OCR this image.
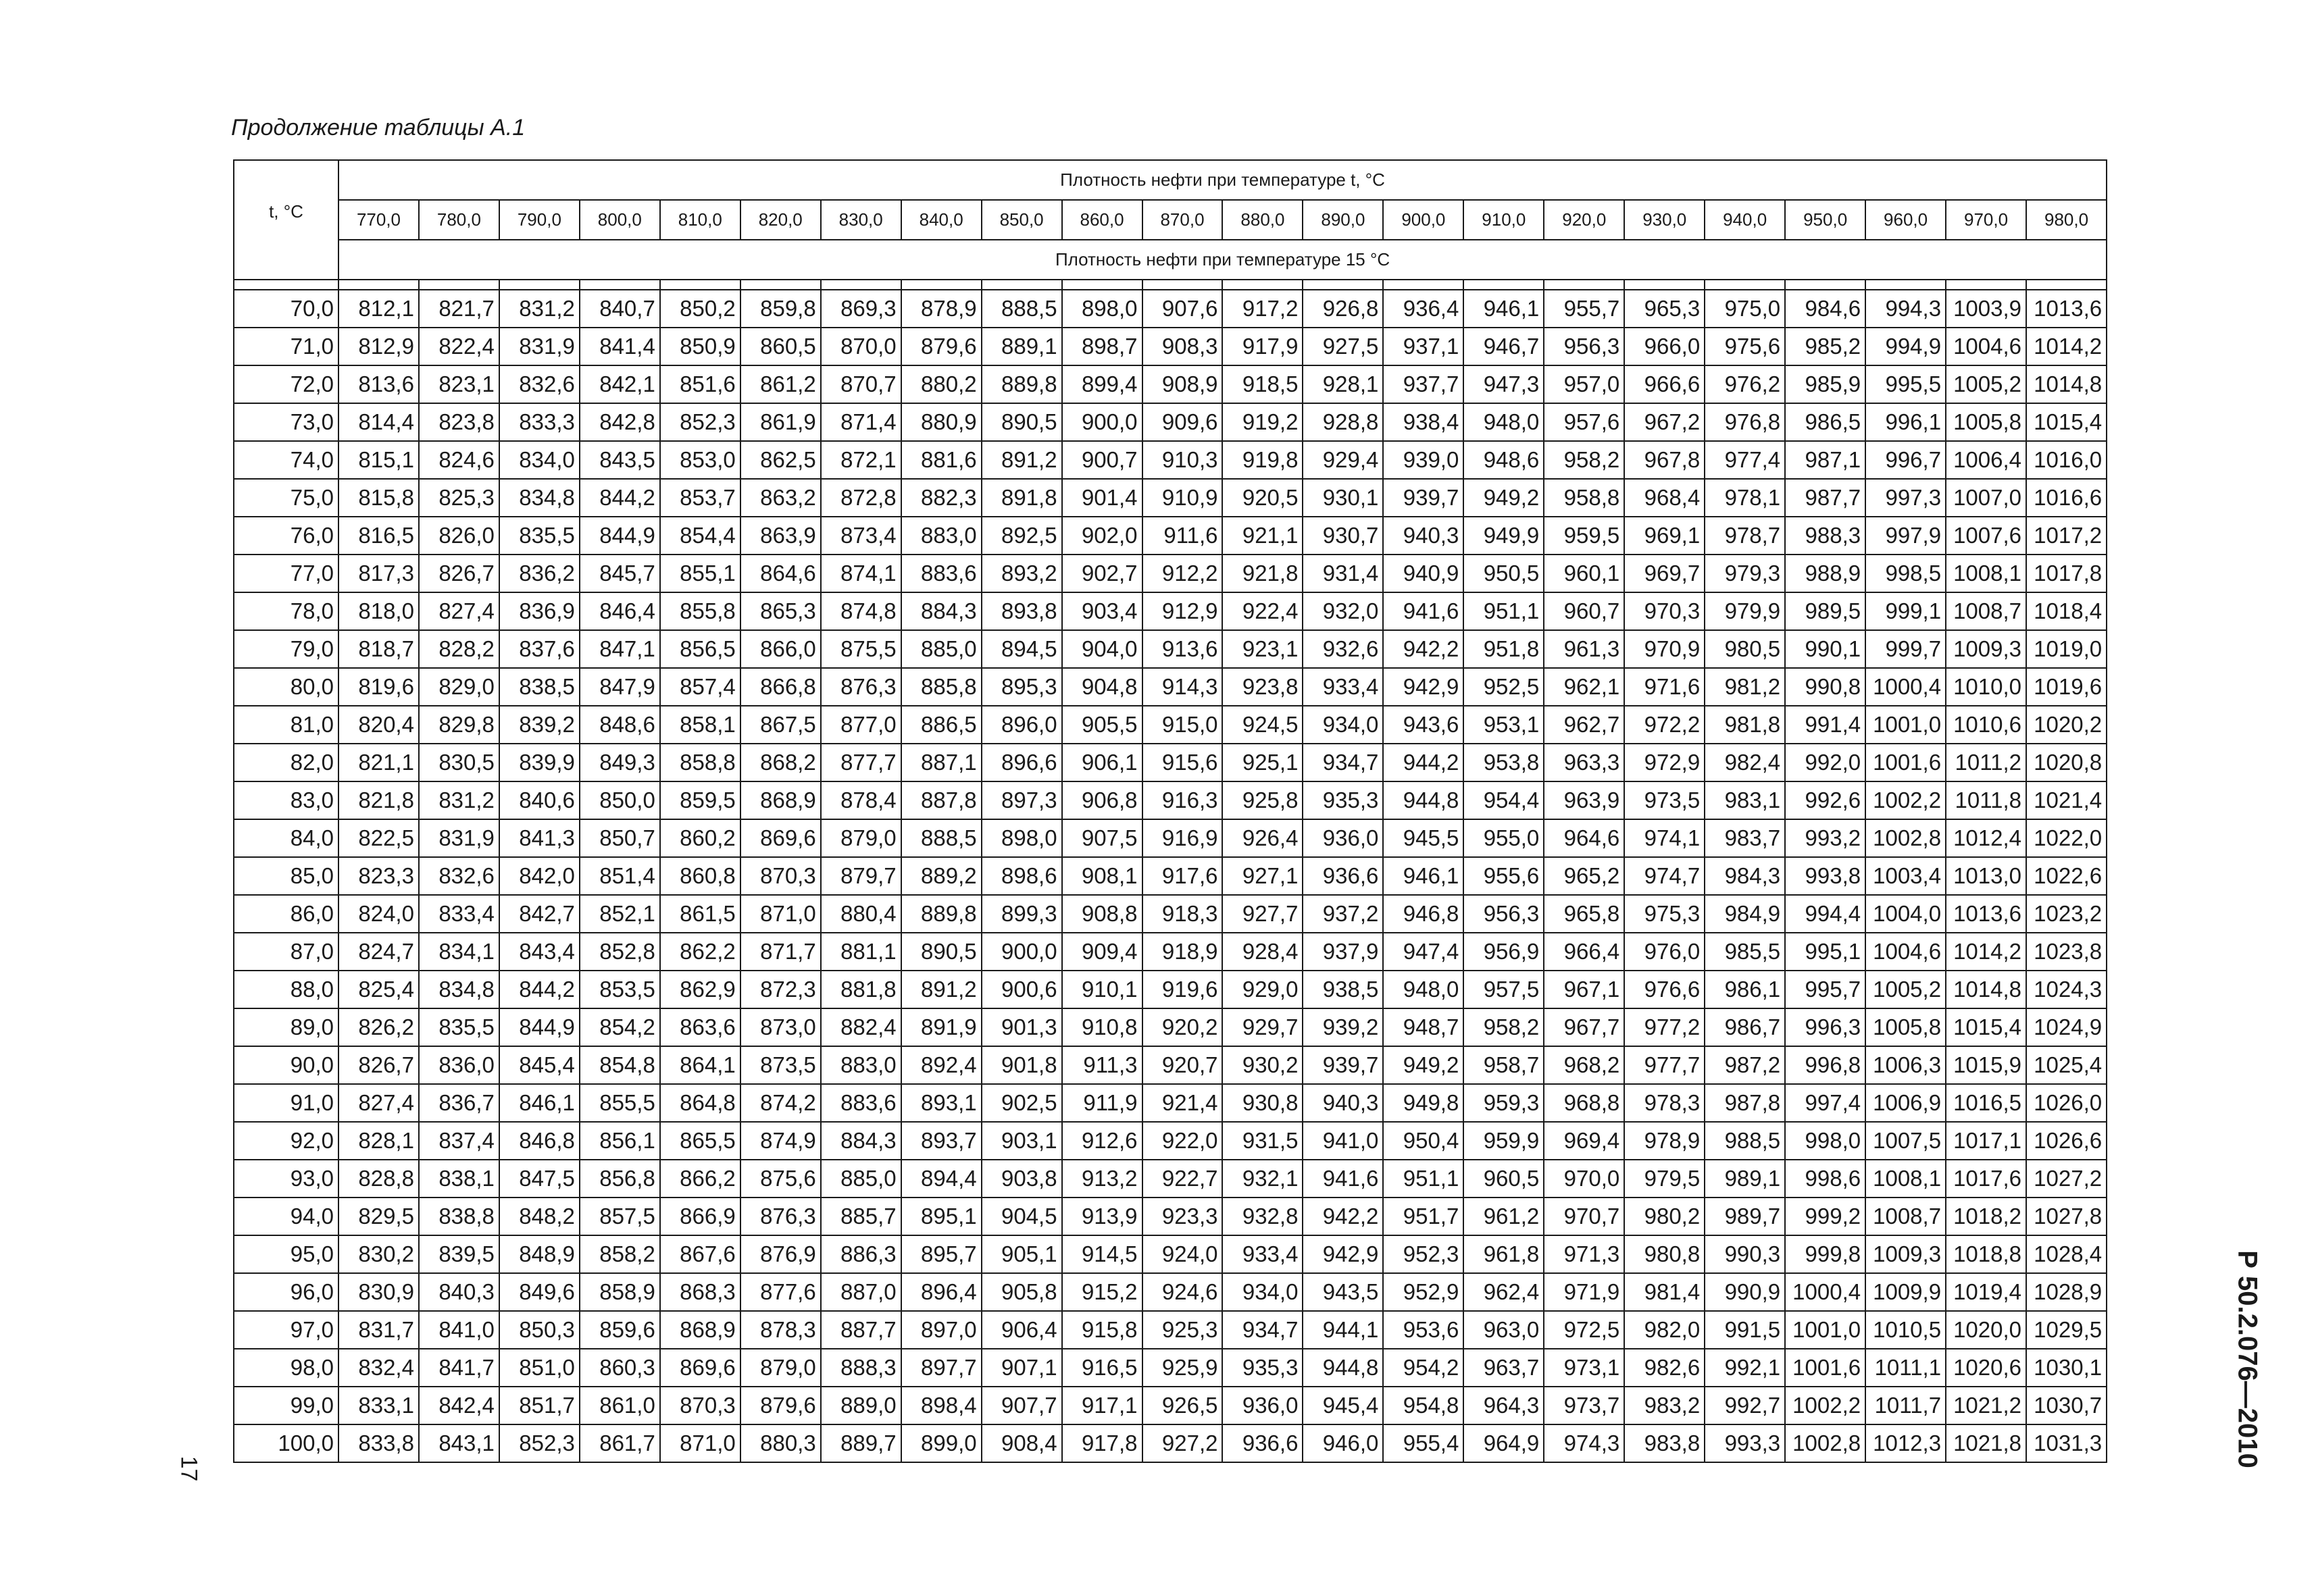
Продолжение таблицы А.1
t, °C	Плотность нефти при температуре t, °C																					
	770,0	780,0	790,0	800,0	810,0	820,0	830,0	840,0	850,0	860,0	870,0	880,0	890,0	900,0	910,0	920,0	930,0	940,0	950,0	960,0	970,0	980,0
	Плотность нефти при температуре 15 °C																					

70,0	812,1	821,7	831,2	840,7	850,2	859,8	869,3	878,9	888,5	898,0	907,6	917,2	926,8	936,4	946,1	955,7	965,3	975,0	984,6	994,3	1003,9	1013,6
71,0	812,9	822,4	831,9	841,4	850,9	860,5	870,0	879,6	889,1	898,7	908,3	917,9	927,5	937,1	946,7	956,3	966,0	975,6	985,2	994,9	1004,6	1014,2
72,0	813,6	823,1	832,6	842,1	851,6	861,2	870,7	880,2	889,8	899,4	908,9	918,5	928,1	937,7	947,3	957,0	966,6	976,2	985,9	995,5	1005,2	1014,8
73,0	814,4	823,8	833,3	842,8	852,3	861,9	871,4	880,9	890,5	900,0	909,6	919,2	928,8	938,4	948,0	957,6	967,2	976,8	986,5	996,1	1005,8	1015,4
74,0	815,1	824,6	834,0	843,5	853,0	862,5	872,1	881,6	891,2	900,7	910,3	919,8	929,4	939,0	948,6	958,2	967,8	977,4	987,1	996,7	1006,4	1016,0
75,0	815,8	825,3	834,8	844,2	853,7	863,2	872,8	882,3	891,8	901,4	910,9	920,5	930,1	939,7	949,2	958,8	968,4	978,1	987,7	997,3	1007,0	1016,6
76,0	816,5	826,0	835,5	844,9	854,4	863,9	873,4	883,0	892,5	902,0	911,6	921,1	930,7	940,3	949,9	959,5	969,1	978,7	988,3	997,9	1007,6	1017,2
77,0	817,3	826,7	836,2	845,7	855,1	864,6	874,1	883,6	893,2	902,7	912,2	921,8	931,4	940,9	950,5	960,1	969,7	979,3	988,9	998,5	1008,1	1017,8
78,0	818,0	827,4	836,9	846,4	855,8	865,3	874,8	884,3	893,8	903,4	912,9	922,4	932,0	941,6	951,1	960,7	970,3	979,9	989,5	999,1	1008,7	1018,4
79,0	818,7	828,2	837,6	847,1	856,5	866,0	875,5	885,0	894,5	904,0	913,6	923,1	932,6	942,2	951,8	961,3	970,9	980,5	990,1	999,7	1009,3	1019,0
80,0	819,6	829,0	838,5	847,9	857,4	866,8	876,3	885,8	895,3	904,8	914,3	923,8	933,4	942,9	952,5	962,1	971,6	981,2	990,8	1000,4	1010,0	1019,6
81,0	820,4	829,8	839,2	848,6	858,1	867,5	877,0	886,5	896,0	905,5	915,0	924,5	934,0	943,6	953,1	962,7	972,2	981,8	991,4	1001,0	1010,6	1020,2
82,0	821,1	830,5	839,9	849,3	858,8	868,2	877,7	887,1	896,6	906,1	915,6	925,1	934,7	944,2	953,8	963,3	972,9	982,4	992,0	1001,6	1011,2	1020,8
83,0	821,8	831,2	840,6	850,0	859,5	868,9	878,4	887,8	897,3	906,8	916,3	925,8	935,3	944,8	954,4	963,9	973,5	983,1	992,6	1002,2	1011,8	1021,4
84,0	822,5	831,9	841,3	850,7	860,2	869,6	879,0	888,5	898,0	907,5	916,9	926,4	936,0	945,5	955,0	964,6	974,1	983,7	993,2	1002,8	1012,4	1022,0
85,0	823,3	832,6	842,0	851,4	860,8	870,3	879,7	889,2	898,6	908,1	917,6	927,1	936,6	946,1	955,6	965,2	974,7	984,3	993,8	1003,4	1013,0	1022,6
86,0	824,0	833,4	842,7	852,1	861,5	871,0	880,4	889,8	899,3	908,8	918,3	927,7	937,2	946,8	956,3	965,8	975,3	984,9	994,4	1004,0	1013,6	1023,2
87,0	824,7	834,1	843,4	852,8	862,2	871,7	881,1	890,5	900,0	909,4	918,9	928,4	937,9	947,4	956,9	966,4	976,0	985,5	995,1	1004,6	1014,2	1023,8
88,0	825,4	834,8	844,2	853,5	862,9	872,3	881,8	891,2	900,6	910,1	919,6	929,0	938,5	948,0	957,5	967,1	976,6	986,1	995,7	1005,2	1014,8	1024,3
89,0	826,2	835,5	844,9	854,2	863,6	873,0	882,4	891,9	901,3	910,8	920,2	929,7	939,2	948,7	958,2	967,7	977,2	986,7	996,3	1005,8	1015,4	1024,9
90,0	826,7	836,0	845,4	854,8	864,1	873,5	883,0	892,4	901,8	911,3	920,7	930,2	939,7	949,2	958,7	968,2	977,7	987,2	996,8	1006,3	1015,9	1025,4
91,0	827,4	836,7	846,1	855,5	864,8	874,2	883,6	893,1	902,5	911,9	921,4	930,8	940,3	949,8	959,3	968,8	978,3	987,8	997,4	1006,9	1016,5	1026,0
92,0	828,1	837,4	846,8	856,1	865,5	874,9	884,3	893,7	903,1	912,6	922,0	931,5	941,0	950,4	959,9	969,4	978,9	988,5	998,0	1007,5	1017,1	1026,6
93,0	828,8	838,1	847,5	856,8	866,2	875,6	885,0	894,4	903,8	913,2	922,7	932,1	941,6	951,1	960,5	970,0	979,5	989,1	998,6	1008,1	1017,6	1027,2
94,0	829,5	838,8	848,2	857,5	866,9	876,3	885,7	895,1	904,5	913,9	923,3	932,8	942,2	951,7	961,2	970,7	980,2	989,7	999,2	1008,7	1018,2	1027,8
95,0	830,2	839,5	848,9	858,2	867,6	876,9	886,3	895,7	905,1	914,5	924,0	933,4	942,9	952,3	961,8	971,3	980,8	990,3	999,8	1009,3	1018,8	1028,4
96,0	830,9	840,3	849,6	858,9	868,3	877,6	887,0	896,4	905,8	915,2	924,6	934,0	943,5	952,9	962,4	971,9	981,4	990,9	1000,4	1009,9	1019,4	1028,9
97,0	831,7	841,0	850,3	859,6	868,9	878,3	887,7	897,0	906,4	915,8	925,3	934,7	944,1	953,6	963,0	972,5	982,0	991,5	1001,0	1010,5	1020,0	1029,5
98,0	832,4	841,7	851,0	860,3	869,6	879,0	888,3	897,7	907,1	916,5	925,9	935,3	944,8	954,2	963,7	973,1	982,6	992,1	1001,6	1011,1	1020,6	1030,1
99,0	833,1	842,4	851,7	861,0	870,3	879,6	889,0	898,4	907,7	917,1	926,5	936,0	945,4	954,8	964,3	973,7	983,2	992,7	1002,2	1011,7	1021,2	1030,7
100,0	833,8	843,1	852,3	861,7	871,0	880,3	889,7	899,0	908,4	917,8	927,2	936,6	946,0	955,4	964,9	974,3	983,8	993,3	1002,8	1012,3	1021,8	1031,3
17
Р 50.2.076—2010
